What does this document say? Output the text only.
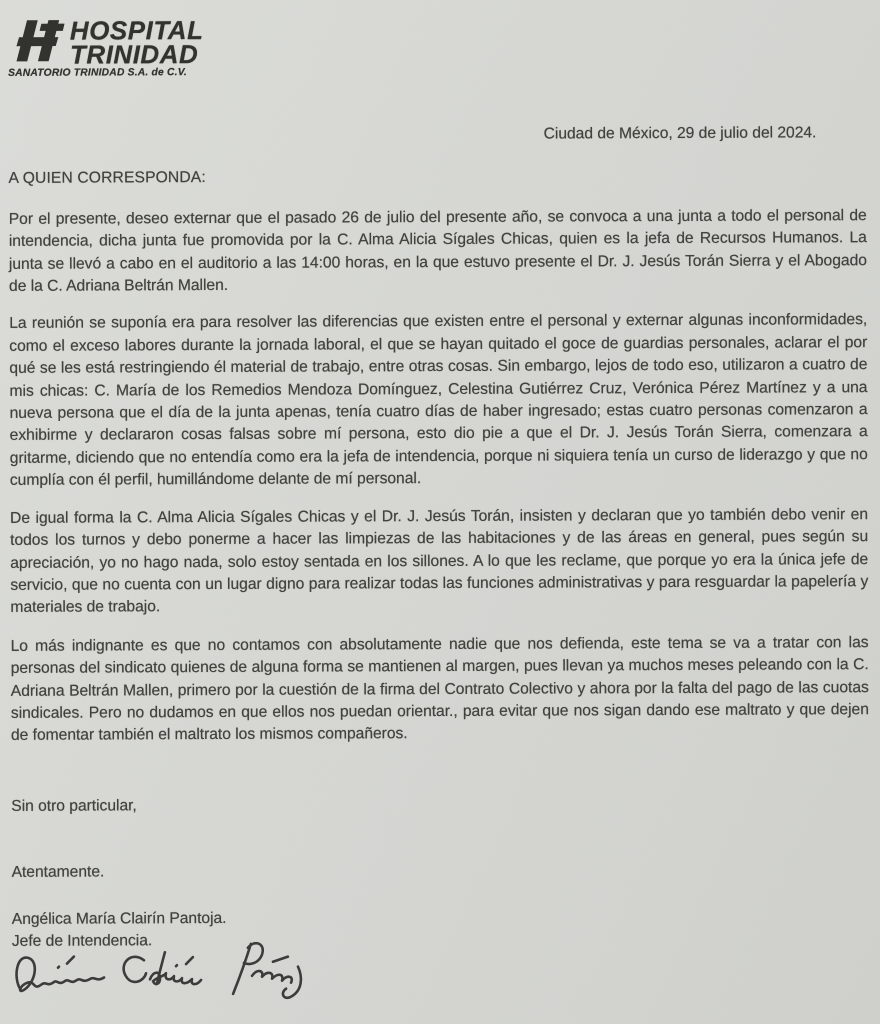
HOSPITAL
TRINIDAD
SANATORIO TRINIDAD S.A. de C.V.
Ciudad de México, 29 de julio del 2024.
A QUIEN CORRESPONDA:

Por el presente, deseo externar que el pasado 26 de julio del presente año, se convoca a una junta a todo el personal de intendencia, dicha junta fue promovida por la C. Alma Alicia Sígales Chicas, quien es la jefa de Recursos Humanos. La junta se llevó a cabo en el auditorio a las 14:00 horas, en la que estuvo presente el Dr. J. Jesús Torán Sierra y el Abogado de la C. Adriana Beltrán Mallen.

La reunión se suponía era para resolver las diferencias que existen entre el personal y externar algunas inconformidades, como el exceso labores durante la jornada laboral, el que se hayan quitado el goce de guardias personales, aclarar el por qué se les está restringiendo él material de trabajo, entre otras cosas. Sin embargo, lejos de todo eso, utilizaron a cuatro de mis chicas: C. María de los Remedios Mendoza Domínguez, Celestina Gutiérrez Cruz, Verónica Pérez Martínez y a una nueva persona que el día de la junta apenas, tenía cuatro días de haber ingresado; estas cuatro personas comenzaron a exhibirme y declararon cosas falsas sobre mí persona, esto dio pie a que el Dr. J. Jesús Torán Sierra, comenzara a gritarme, diciendo que no entendía como era la jefa de intendencia, porque ni siquiera tenía un curso de liderazgo y que no cumplía con él perfil, humillándome delante de mí personal.

De igual forma la C. Alma Alicia Sígales Chicas y el Dr. J. Jesús Torán, insisten y declaran que yo también debo venir en todos los turnos y debo ponerme a hacer las limpiezas de las habitaciones y de las áreas en general, pues según su apreciación, yo no hago nada, solo estoy sentada en los sillones. A lo que les reclame, que porque yo era la única jefe de servicio, que no cuenta con un lugar digno para realizar todas las funciones administrativas y para resguardar la papelería y materiales de trabajo.

Lo más indignante es que no contamos con absolutamente nadie que nos defienda, este tema se va a tratar con las personas del sindicato quienes de alguna forma se mantienen al margen, pues llevan ya muchos meses peleando con la C. Adriana Beltrán Mallen, primero por la cuestión de la firma del Contrato Colectivo y ahora por la falta del pago de las cuotas sindicales. Pero no dudamos en que ellos nos puedan orientar., para evitar que nos sigan dando ese maltrato y que dejen de fomentar también el maltrato los mismos compañeros.

Sin otro particular,
Atentamente.
Angélica María Clairín Pantoja.
Jefe de Intendencia.
